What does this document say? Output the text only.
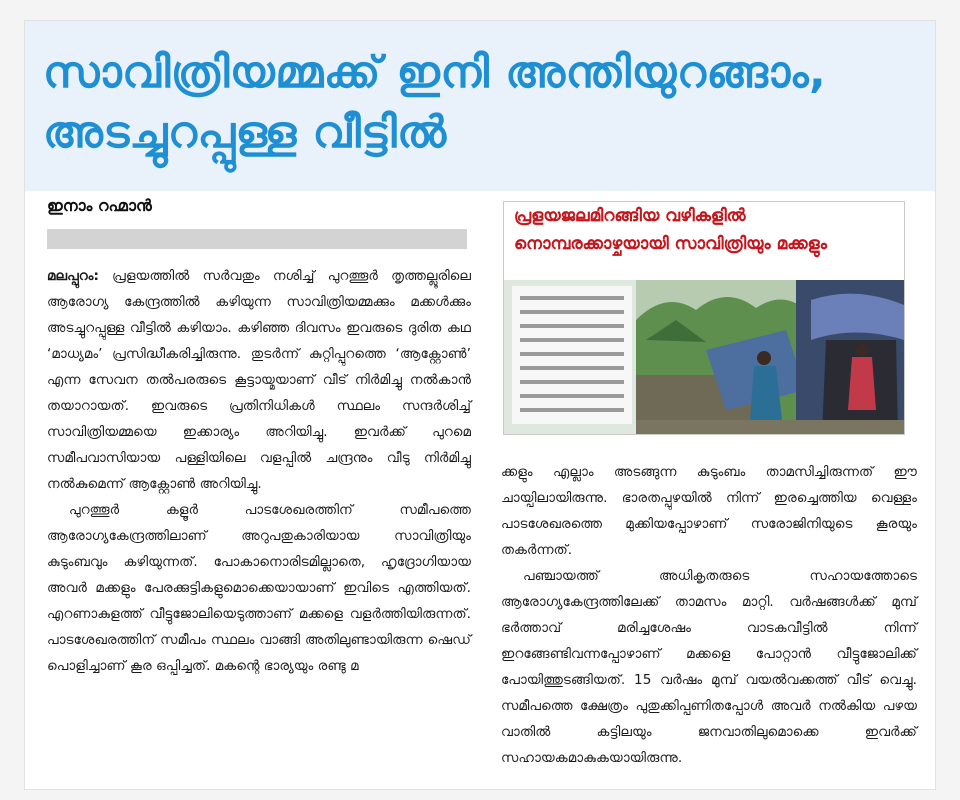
സാവിത്രിയമ്മക്ക് ഇനി അന്തിയുറങ്ങാം,
അടച്ചുറപ്പുള്ള വീട്ടിൽ
ഇനാം റഹ്മാൻ

മലപ്പുറം: പ്രളയത്തിൽ സർവതും നശിച്ച് പുറത്തൂർ തൃത്തല്ലൂരിലെ ആരോഗ്യ കേന്ദ്രത്തിൽ കഴിയുന്ന സാവിത്രിയമ്മക്കും മക്കൾക്കും അടച്ചുറപ്പുള്ള വീട്ടിൽ കഴിയാം. കഴിഞ്ഞ ദിവസം ഇവരുടെ ദുരിത കഥ ‘മാധ്യമം’ പ്രസിദ്ധീകരിച്ചിരുന്നു. തുടർന്ന് കുറ്റിപ്പുറത്തെ ‘ആക്റ്റോൺ’ എന്ന സേവന തൽപരരുടെ കൂട്ടായ്മയാണ് വീട് നിർമിച്ചു നൽകാൻ തയാറായത്. ഇവരുടെ പ്രതിനിധികൾ സ്ഥലം സന്ദർശിച്ച് സാവിത്രിയമ്മയെ ഇക്കാര്യം അറിയിച്ചു. ഇവർക്ക് പുറമെ സമീപവാസിയായ പള്ളിയിലെ വളപ്പിൽ ചന്ദ്രനും വീടു നിർമിച്ചു നൽകുമെന്ന് ആക്റ്റോൺ അറിയിച്ചു.

പുറത്തൂർ കളൂർ പാടശേഖരത്തിന് സമീപത്തെ ആരോഗ്യകേന്ദ്രത്തിലാണ് അറുപതുകാരിയായ സാവിത്രിയും കുടുംബവും കഴിയുന്നത്. പോകാനൊരിടമില്ലാതെ, ഹൃദ്രോഗിയായ അവർ മക്കളും പേരക്കുട്ടികളുമൊക്കെയായാണ് ഇവിടെ എത്തിയത്. എറണാകുളത്ത് വീട്ടുജോലിയെടുത്താണ് മക്കളെ വളർത്തിയിരുന്നത്. പാടശേഖരത്തിന് സമീപം സ്ഥലം വാങ്ങി അതിലുണ്ടായിരുന്ന ഷെഡ് പൊളിച്ചാണ് കൂര ഒപ്പിച്ചത്. മകന്റെ ഭാര്യയും രണ്ടു മ

പ്രളയജലമിറങ്ങിയ വഴികളിൽ
നൊമ്പരക്കാഴ്ചയായി സാവിത്രിയും മക്കളും

ക്കളും എല്ലാം അടങ്ങുന്ന കുടുംബം താമസിച്ചിരുന്നത് ഈ ചായ്പിലായിരുന്നു. ഭാരതപ്പുഴയിൽ നിന്ന് ഇരച്ചെത്തിയ വെള്ളം പാടശേഖരത്തെ മുക്കിയപ്പോഴാണ് സരോജിനിയുടെ കൂരയും തകർന്നത്.

പഞ്ചായത്ത് അധികൃതരുടെ സഹായത്തോടെ ആരോഗ്യകേന്ദ്രത്തിലേക്ക് താമസം മാറ്റി. വർഷങ്ങൾക്ക് മുമ്പ് ഭർത്താവ് മരിച്ചശേഷം വാടകവീട്ടിൽ നിന്ന് ഇറങ്ങേണ്ടിവന്നപ്പോഴാണ് മക്കളെ പോറ്റാൻ വീട്ടുജോലിക്ക് പോയിത്തുടങ്ങിയത്. 15 വർഷം മുമ്പ് വയൽവക്കത്ത് വീട് വെച്ചു. സമീപത്തെ ക്ഷേത്രം പുതുക്കിപ്പണിതപ്പോൾ അവർ നൽകിയ പഴയ വാതിൽ കട്ടിലയും ജനവാതിലുമൊക്കെ ഇവർക്ക് സഹായകമാകുകയായിരുന്നു.
